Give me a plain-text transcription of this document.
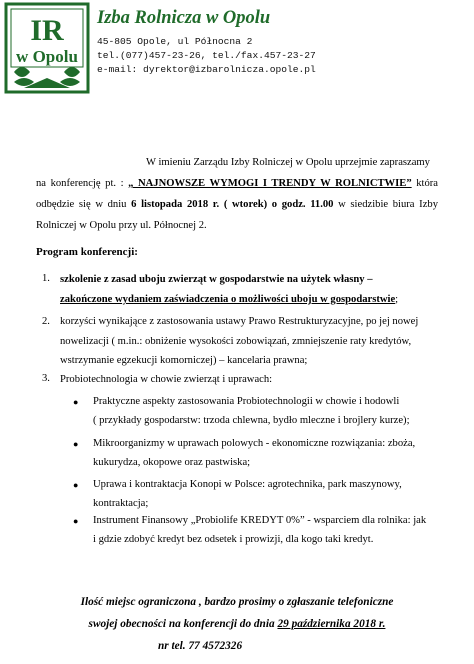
IR
w Opolu
Izba Rolnicza w Opolu
45-805 Opole, ul Północna 2
tel.(077)457-23-26, tel./fax.457-23-27
e-mail: dyrektor@izbarolnicza.opole.pl

W imieniu Zarządu Izby Rolniczej w Opolu uprzejmie zapraszamy

na konferencję pt. : „ NAJNOWSZE WYMOGI I TRENDY W ROLNICTWIE” która odbędzie się w dniu 6 listopada 2018 r. ( wtorek) o godz. 11.00 w siedzibie biura Izby Rolniczej w Opolu przy ul. Północnej 2.

Program konferencji:
1. szkolenie z zasad uboju zwierząt w gospodarstwie na użytek własny –
zakończone wydaniem zaświadczenia o możliwości uboju w gospodarstwie;
2. korzyści wynikające z zastosowania ustawy Prawo Restrukturyzacyjne, po jej nowej
nowelizacji ( m.in.: obniżenie wysokości zobowiązań, zmniejszenie raty kredytów,
wstrzymanie egzekucji komorniczej) – kancelaria prawna;
3. Probiotechnologia w chowie zwierząt i uprawach:
● Praktyczne aspekty zastosowania Probiotechnologii w chowie i hodowli
( przykłady gospodarstw: trzoda chlewna, bydło mleczne i brojlery kurze);
● Mikroorganizmy w uprawach polowych - ekonomiczne rozwiązania: zboża,
kukurydza, okopowe oraz pastwiska;
● Uprawa i kontraktacja Konopi w Polsce: agrotechnika, park maszynowy,
kontraktacja;
● Instrument Finansowy „Probiolife KREDYT 0%” - wsparciem dla rolnika: jak
i gdzie zdobyć kredyt bez odsetek i prowizji, dla kogo taki kredyt.
Ilość miejsc ograniczona , bardzo prosimy o zgłaszanie telefoniczne
swojej obecności na konferencji do dnia 29 października 2018 r.
nr tel. 77 4572326
